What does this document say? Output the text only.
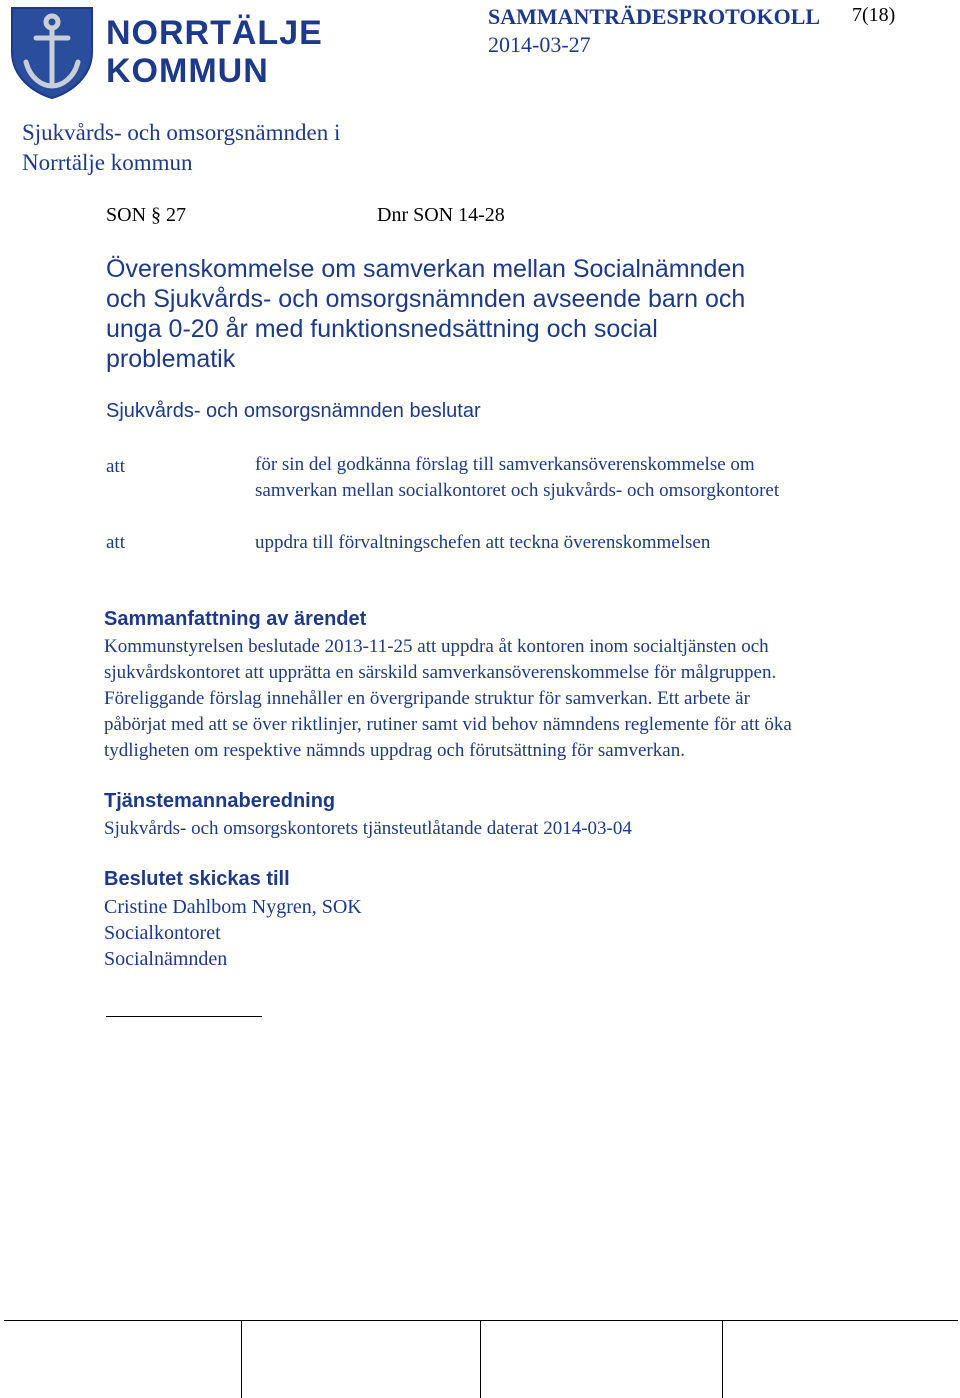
NORRTÄLJE
KOMMUN
SAMMANTRÄDESPROTOKOLL 7(18)
2014-03-27
Sjukvårds- och omsorgsnämnden i
Norrtälje kommun
SON § 27	Dnr SON 14-28
Överenskommelse om samverkan mellan Socialnämnden
och Sjukvårds- och omsorgsnämnden avseende barn och
unga 0-20 år med funktionsnedsättning och social
problematik
Sjukvårds- och omsorgsnämnden beslutar
att	för sin del godkänna förslag till samverkansöverenskommelse om
samverkan mellan socialkontoret och sjukvårds- och omsorgkontoret
att	uppdra till förvaltningschefen att teckna överenskommelsen
Sammanfattning av ärendet
Kommunstyrelsen beslutade 2013-11-25 att uppdra åt kontoren inom socialtjänsten och
sjukvårdskontoret att upprätta en särskild samverkansöverenskommelse för målgruppen.
Föreliggande förslag innehåller en övergripande struktur för samverkan. Ett arbete är
påbörjat med att se över riktlinjer, rutiner samt vid behov nämndens reglemente för att öka
tydligheten om respektive nämnds uppdrag och förutsättning för samverkan.
Tjänstemannaberedning
Sjukvårds- och omsorgskontorets tjänsteutlåtande daterat 2014-03-04
Beslutet skickas till
Cristine Dahlbom Nygren, SOK
Socialkontoret
Socialnämnden
